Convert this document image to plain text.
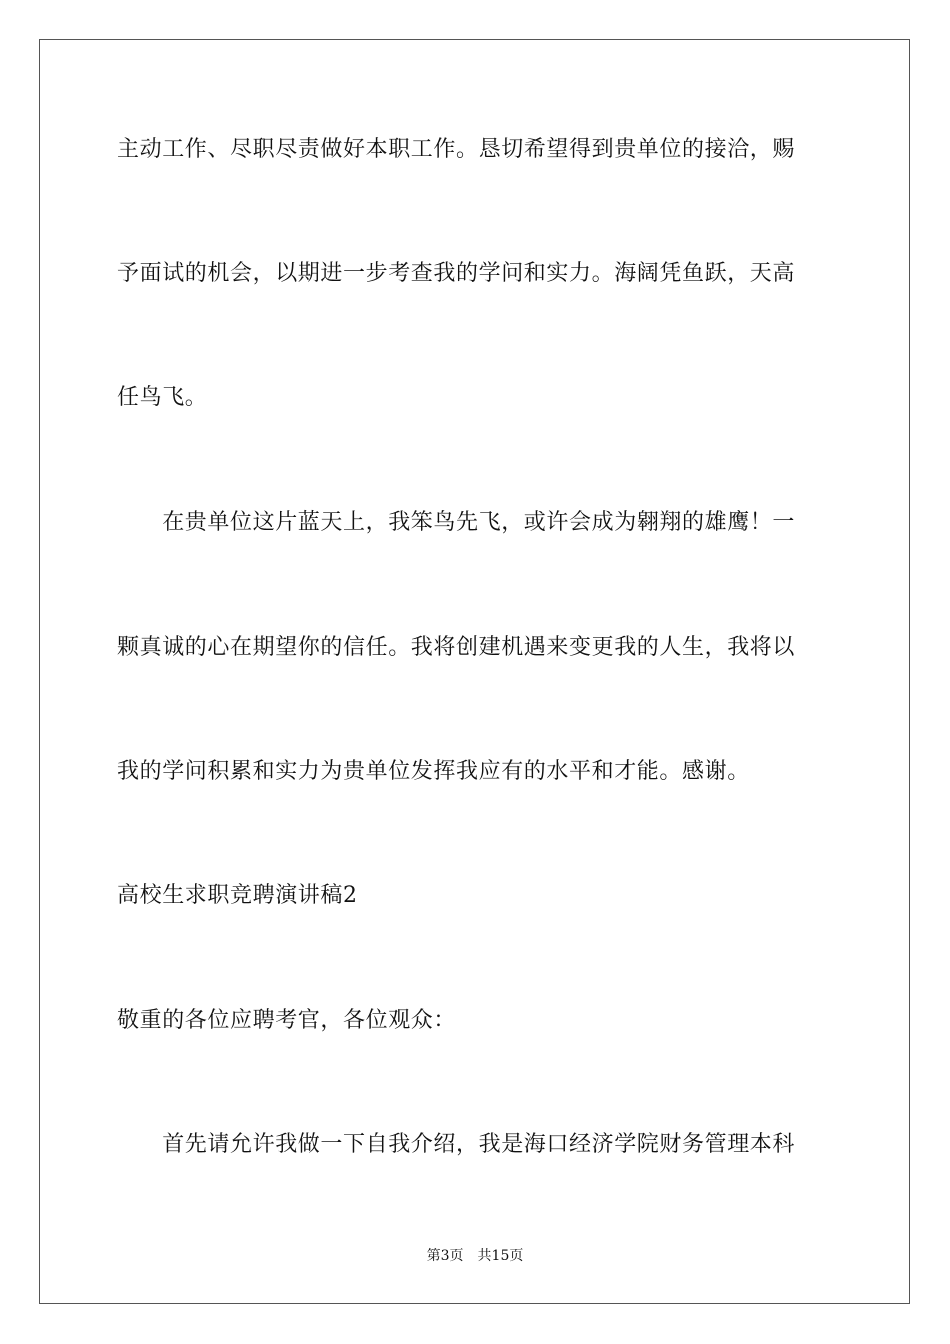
主动工作、尽职尽责做好本职工作。恳切希望得到贵单位的接洽，赐
予面试的机会，以期进一步考查我的学问和实力。海阔凭鱼跃，天高
任鸟飞。
　　在贵单位这片蓝天上，我笨鸟先飞，或许会成为翱翔的雄鹰！一
颗真诚的心在期望你的信任。我将创建机遇来变更我的人生，我将以
我的学问积累和实力为贵单位发挥我应有的水平和才能。感谢。
高校生求职竞聘演讲稿2
敬重的各位应聘考官，各位观众：
　　首先请允许我做一下自我介绍，我是海口经济学院财务管理本科
第3页 共15页
